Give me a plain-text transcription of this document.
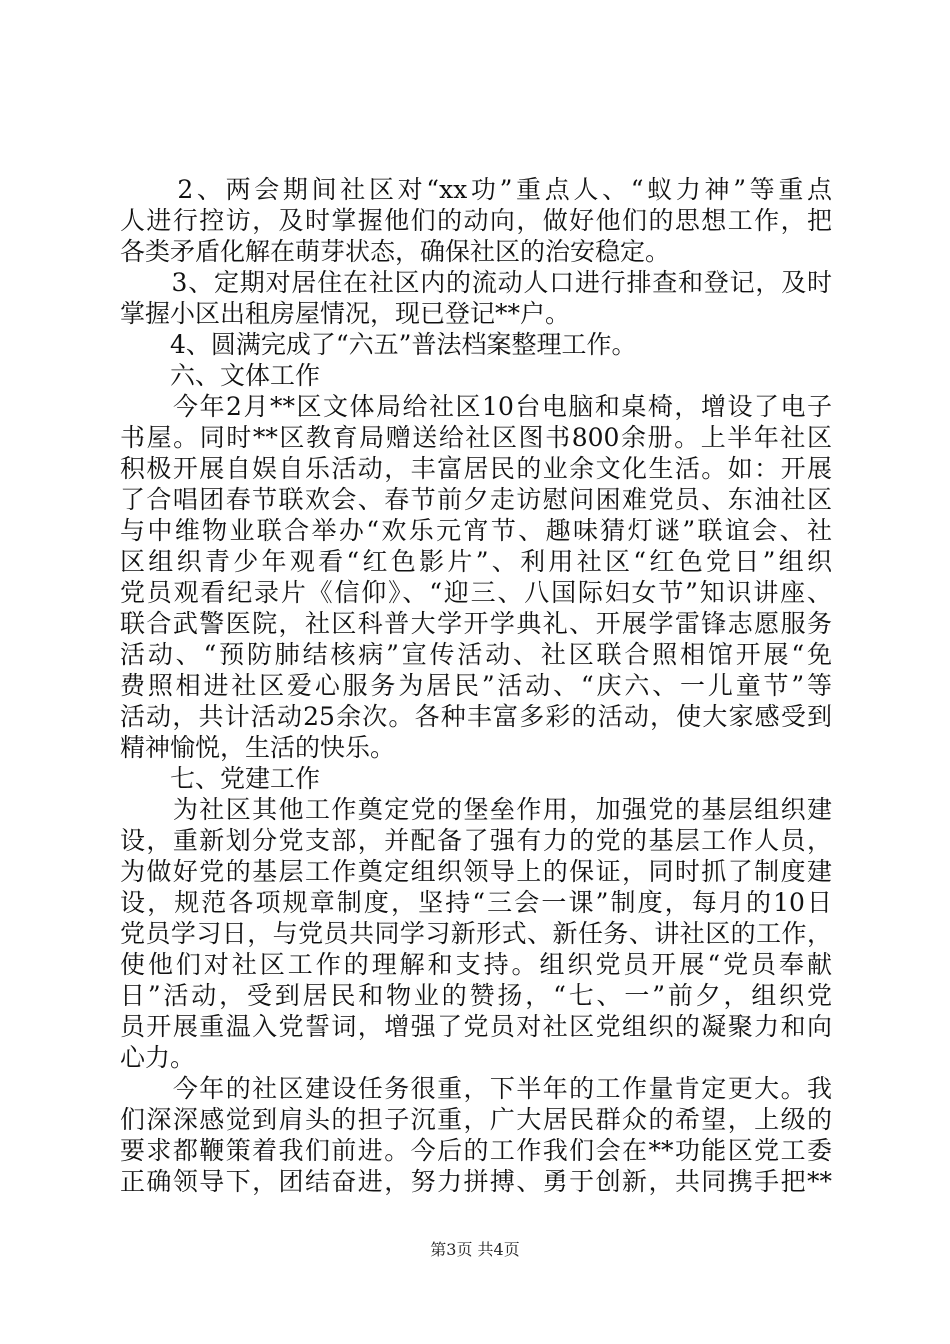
　　2、两会期间社区对“xx功”重点人、“蚁力神”等重点
人进行控访，及时掌握他们的动向，做好他们的思想工作，把
各类矛盾化解在萌芽状态，确保社区的治安稳定。
　　3、定期对居住在社区内的流动人口进行排查和登记，及时
掌握小区出租房屋情况，现已登记**户。
　　4、圆满完成了“六五”普法档案整理工作。
　　六、文体工作
　　今年2月**区文体局给社区10台电脑和桌椅，增设了电子
书屋。同时**区教育局赠送给社区图书800余册。上半年社区
积极开展自娱自乐活动，丰富居民的业余文化生活。如：开展
了合唱团春节联欢会、春节前夕走访慰问困难党员、东油社区
与中维物业联合举办“欢乐元宵节、趣味猜灯谜”联谊会、社
区组织青少年观看“红色影片”、利用社区“红色党日”组织
党员观看纪录片《信仰》、“迎三、八国际妇女节”知识讲座、
联合武警医院，社区科普大学开学典礼、开展学雷锋志愿服务
活动、“预防肺结核病”宣传活动、社区联合照相馆开展“免
费照相进社区爱心服务为居民”活动、“庆六、一儿童节”等
活动，共计活动25余次。各种丰富多彩的活动，使大家感受到
精神愉悦，生活的快乐。
　　七、党建工作
　　为社区其他工作奠定党的堡垒作用，加强党的基层组织建
设，重新划分党支部，并配备了强有力的党的基层工作人员，
为做好党的基层工作奠定组织领导上的保证，同时抓了制度建
设，规范各项规章制度，坚持“三会一课”制度，每月的10日
党员学习日，与党员共同学习新形式、新任务、讲社区的工作，
使他们对社区工作的理解和支持。组织党员开展“党员奉献
日”活动，受到居民和物业的赞扬，“七、一”前夕，组织党
员开展重温入党誓词，增强了党员对社区党组织的凝聚力和向
心力。
　　今年的社区建设任务很重，下半年的工作量肯定更大。我
们深深感觉到肩头的担子沉重，广大居民群众的希望，上级的
要求都鞭策着我们前进。今后的工作我们会在**功能区党工委
正确领导下，团结奋进，努力拼搏、勇于创新，共同携手把**
第3页 共4页
